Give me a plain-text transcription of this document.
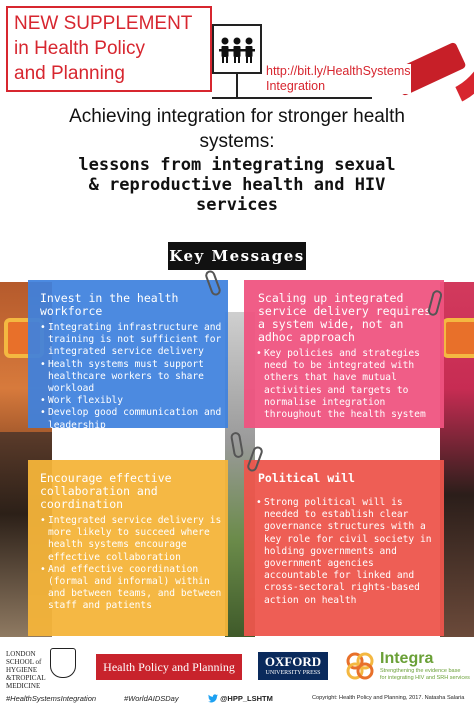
NEW SUPPLEMENT
in Health Policy
and Planning	http://bit.ly/HealthSystems
Integration
Achieving integration for stronger health
systems:
lessons from integrating sexual
& reproductive health and HIV
services
Key Messages
Invest in the health workforce
• Integrating infrastructure and training is not sufficient for integrated service delivery
• Health systems must support healthcare workers to share workload
• Work flexibly
• Develop good communication and leadership
Scaling up integrated service delivery requires a system wide, not an adhoc approach
• Key policies and strategies need to be integrated with others that have mutual activities and targets to normalise integration throughout the health system
Encourage effective collaboration and coordination
• Integrated service delivery is more likely to succeed where health systems encourage effective collaboration
• And effective coordination (formal and informal) within and between teams, and between staff and patients
Political will
• Strong political will is needed to establish clear governance structures with a key role for civil society in holding governments and government agencies accountable for linked and cross-sectoral rights-based action on health
LONDON
SCHOOL of
HYGIENE
&TROPICAL
MEDICINE
Health Policy and Planning	OXFORD
UNIVERSITY PRESS
Integra
Strengthening the evidence base
for integrating HIV and SRH services
#HealthSystemsIntegration	#WorldAIDSDay	@HPP_LSHTM	Copyright: Health Policy and Planning, 2017. Natasha Salaria
